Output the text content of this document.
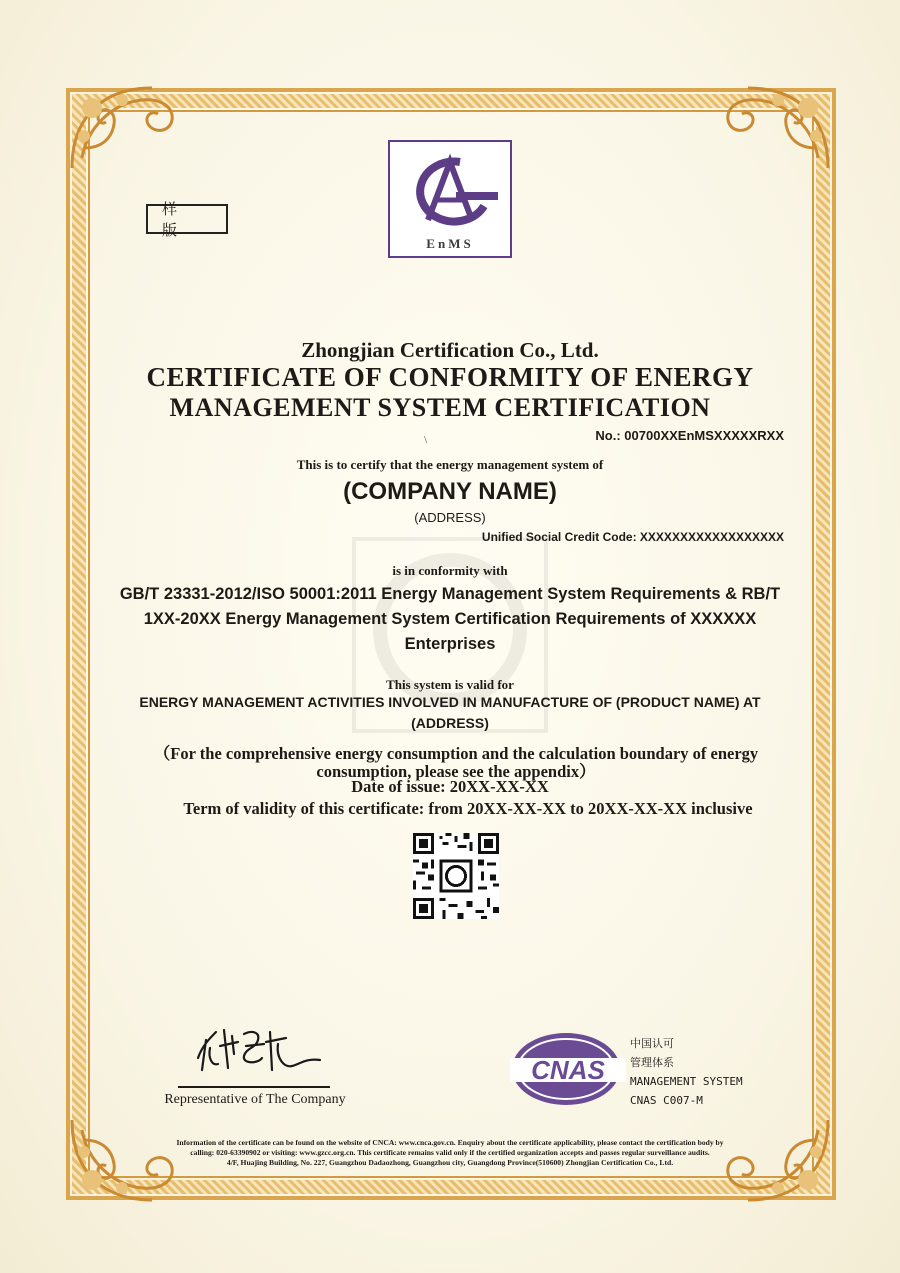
样 版
EnMS
Zhongjian Certification Co., Ltd.
CERTIFICATE OF CONFORMITY OF ENERGY
MANAGEMENT SYSTEM CERTIFICATION
\	No.: 00700XXEnMSXXXXXRXX
This is to certify that the energy management system of
(COMPANY NAME)
(ADDRESS)
Unified Social Credit Code: XXXXXXXXXXXXXXXXXX
is in conformity with
GB/T 23331-2012/ISO 50001:2011 Energy Management System Requirements & RB/T
1XX-20XX Energy Management System Certification Requirements of XXXXXX
Enterprises
This system is valid for
ENERGY MANAGEMENT ACTIVITIES INVOLVED IN MANUFACTURE OF (PRODUCT NAME) AT
(ADDRESS)
（For the comprehensive energy consumption and the calculation boundary of energy
consumption, please see the appendix）
Date of issue: 20XX-XX-XX
Term of validity of this certificate: from 20XX-XX-XX to 20XX-XX-XX inclusive
Representative of The Company
CNAS
中国认可
管理体系
MANAGEMENT SYSTEM
CNAS C007-M
Information of the certificate can be found on the website of CNCA: www.cnca.gov.cn. Enquiry about the certificate applicability, please contact the certification body by
calling: 020-63390902 or visiting: www.gzcc.org.cn. This certificate remains valid only if the certified organization accepts and passes regular surveillance audits.
4/F, Huajing Building, No. 227, Guangzhou Dadaozhong, Guangzhou city, Guangdong Province(510600) Zhongjian Certification Co., Ltd.
